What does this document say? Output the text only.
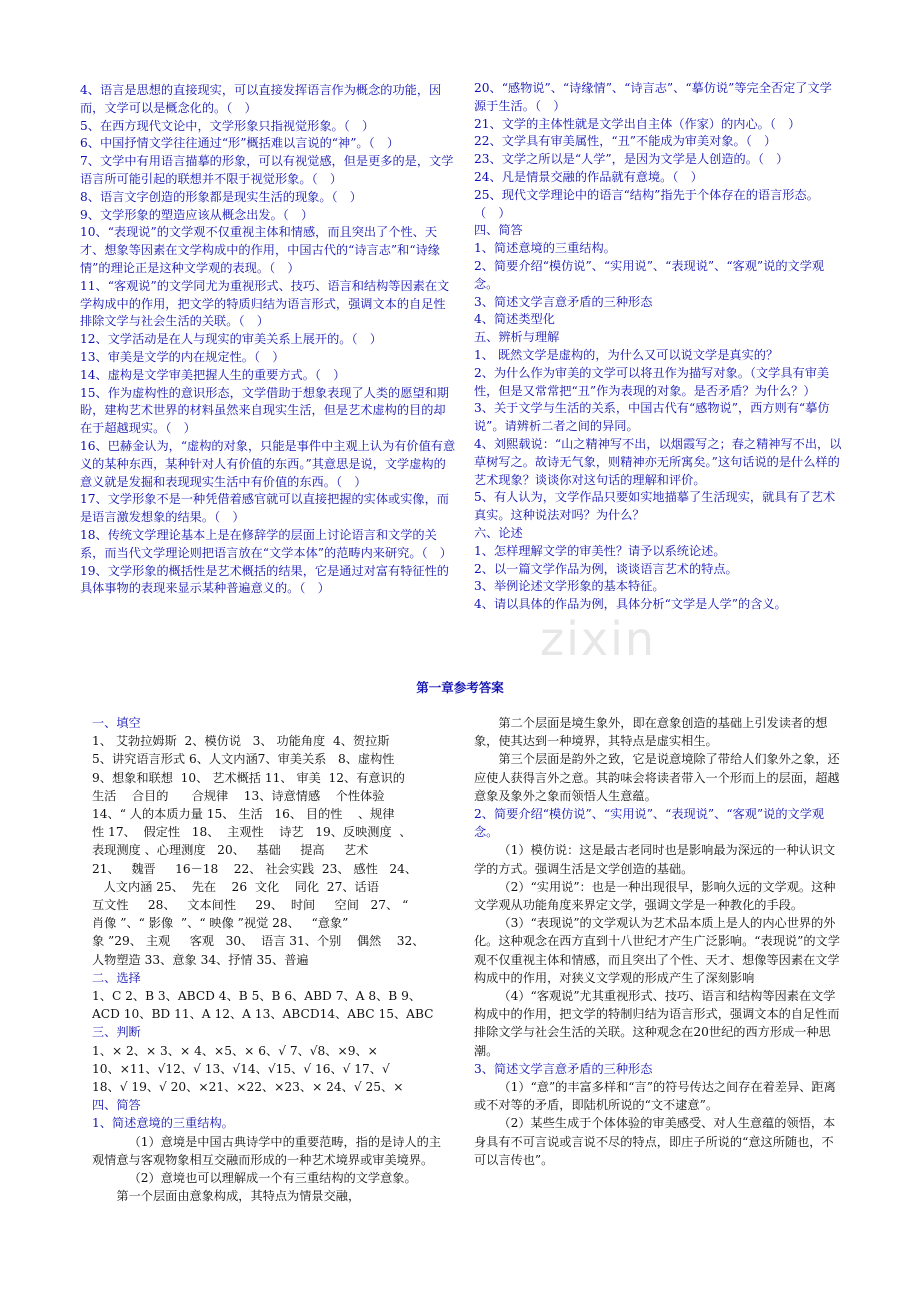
4、语言是思想的直接现实，可以直接发挥语言作为概念的功能，因而，文学可以是概念化的。（　）

5、在西方现代文论中，文学形象只指视觉形象。（　）

6、中国抒情文学往往通过“形”概括难以言说的“神”。（　）

7、文学中有用语言描摹的形象，可以有视觉感，但是更多的是，文学语言所可能引起的联想并不限于视觉形象。（　）

8、语言文字创造的形象都是现实生活的现象。（　）

9、文学形象的塑造应该从概念出发。（　）

10、“表现说”的文学观不仅重视主体和情感，而且突出了个性、天才、想象等因素在文学构成中的作用，中国古代的“诗言志”和“诗缘情”的理论正是这种文学观的表现。（　）

11、“客观说”的文学同尤为重视形式、技巧、语言和结构等因素在文学构成中的作用，把文学的特质归结为语言形式，强调文本的自足性排除文学与社会生活的关联。（　）

12、文学活动是在人与现实的审美关系上展开的。（　）

13、审美是文学的内在规定性。（　）

14、虚构是文学审美把握人生的重要方式。（　）

15、作为虚构性的意识形态，文学借助于想象表现了人类的愿望和期盼，建构艺术世界的材料虽然来自现实生活，但是艺术虚构的目的却在于超越现实。（　）

16、巴赫金认为，“虚构的对象，只能是事件中主观上认为有价值有意义的某种东西，某种针对人有价值的东西。”其意思是说，文学虚构的意义就是发掘和表现现实生活中有价值的东西。（　）

17、文学形象不是一种凭借着感官就可以直接把握的实体或实像，而是语言激发想象的结果。（　）

18、传统文学理论基本上是在修辞学的层面上讨论语言和文学的关系，而当代文学理论则把语言放在“文学本体”的范畴内来研究。（　）

19、文学形象的概括性是艺术概括的结果，它是通过对富有特征性的具体事物的表现来显示某种普遍意义的。（　）

20、“感物说”、“诗缘情”、“诗言志”、“摹仿说”等完全否定了文学源于生活。（　）

21、文学的主体性就是文学出自主体（作家）的内心。（　）

22、文学具有审美属性，“丑”不能成为审美对象。（　）

23、文学之所以是“人学”，是因为文学是人创造的。（　）

24、凡是情景交融的作品就有意境。（　）

25、现代文学理论中的语言“结构”指先于个体存在的语言形态。（　）

四、简答

1、简述意境的三重结构。

2、简要介绍“模仿说”、“实用说”、“表现说”、“客观”说的文学观念。

3、简述文学言意矛盾的三种形态

4、简述类型化

五、辨析与理解

1、 既然文学是虚构的，为什么又可以说文学是真实的？

2、为什么作为审美的文学可以将丑作为描写对象。（文学具有审美性，但是又常常把“丑”作为表现的对象。是否矛盾？为什么？）

3、关于文学与生活的关系，中国古代有“感物说”，西方则有“摹仿说”。请辨析二者之间的异同。

4、刘熙载说：“山之精神写不出，以烟霞写之；春之精神写不出，以草树写之。故诗无气象，则精神亦无所寓矣。”这句话说的是什么样的艺术现象？谈谈你对这句话的理解和评价。

5、有人认为，文学作品只要如实地描摹了生活现实，就具有了艺术真实。这种说法对吗？为什么？

六、论述

1、怎样理解文学的审美性？请予以系统论述。

2、以一篇文学作品为例，谈谈语言艺术的特点。

3、举例论述文学形象的基本特征。

4、请以具体的作品为例，具体分析“文学是人学”的含义。

第一章参考答案

一、填空

1、 艾勃拉姆斯  2、模仿说   3、 功能角度  4、贺拉斯

5、讲究语言形式 6、人文内涵7、审美关系   8、虚构性

9、想象和联想  10、 艺术概括 11、 审美  12、有意识的

生活    合目的      合规律    13、诗意情感    个性体验

14、“ 人的本质力量 15、 生活   16、 目的性    、规律

性 17、  假定性   18、  主观性    诗艺   19、反映测度  、

表现测度 、心理测度   20、   基础     提高     艺术

21、   魏晋     16－18    22、 社会实践  23、 感性   24、

人文内涵 25、  先在    26  文化    同化  27、话语

互文性     28、   文本间性     29、  时间     空间   27、 “

肖像 ”、“ 影像  ”、“ 映像 ”视觉 28、   “意象”

象 ”29、 主观     客观   30、  语言 31、个别    偶然    32、

人物塑造 33、意象 34、抒情 35、普遍

二、选择

1、C 2、B 3、ABCD 4、B 5、B 6、ABD 7、A 8、B 9、

ACD 10、BD 11、A 12、A 13、ABCD14、ABC 15、ABC

三、判断

1、× 2、× 3、× 4、×5、× 6、√ 7、√8、×9、×

10、×11、√12、√ 13、√14、√15、√ 16、√ 17、√

18、√ 19、√ 20、×21、×22、×23、× 24、√ 25、×

四、简答

1、简述意境的三重结构。

（1）意境是中国古典诗学中的重要范畴，指的是诗人的主观情意与客观物象相互交融而形成的一种艺术境界或审美境界。

（2）意境也可以理解成一个有三重结构的文学意象。

第一个层面由意象构成，其特点为情景交融，

第二个层面是境生象外，即在意象创造的基础上引发读者的想象，使其达到一种境界，其特点是虚实相生。

第三个层面是韵外之致，它是说意境除了带给人们象外之象，还应使人获得言外之意。其韵味会将读者带入一个形而上的层面，超越意象及象外之象而领悟人生意蕴。

2、简要介绍“模仿说”、“实用说”、“表现说”、“客观”说的文学观念。

（1）模仿说：这是最古老同时也是影响最为深远的一种认识文学的方式。强调生活是文学创造的基础。

（2）“实用说”：也是一种出现很早，影响久远的文学观。这种文学观从功能角度来界定文学，强调文学是一种教化的手段。

（3）“表现说”的文学观认为艺术品本质上是人的内心世界的外化。这种观念在西方直到十八世纪才产生广泛影响。“表现说”的文学观不仅重视主体和情感，而且突出了个性、天才、想像等因素在文学构成中的作用，对狭义文学观的形成产生了深刻影响

（4）“客观说”尤其重视形式、技巧、语言和结构等因素在文学构成中的作用，把文学的特制归结为语言形式，强调文本的自足性而排除文学与社会生活的关联。这种观念在20世纪的西方形成一种思潮。

3、简述文学言意矛盾的三种形态

（1）“意”的丰富多样和“言”的符号传达之间存在着差异、距离或不对等的矛盾，即陆机所说的“文不逮意”。

（2）某些生成于个体体验的审美感受、对人生意蕴的领悟，本身具有不可言说或言说不尽的特点，即庄子所说的“意这所随也，不可以言传也”。

zixin
